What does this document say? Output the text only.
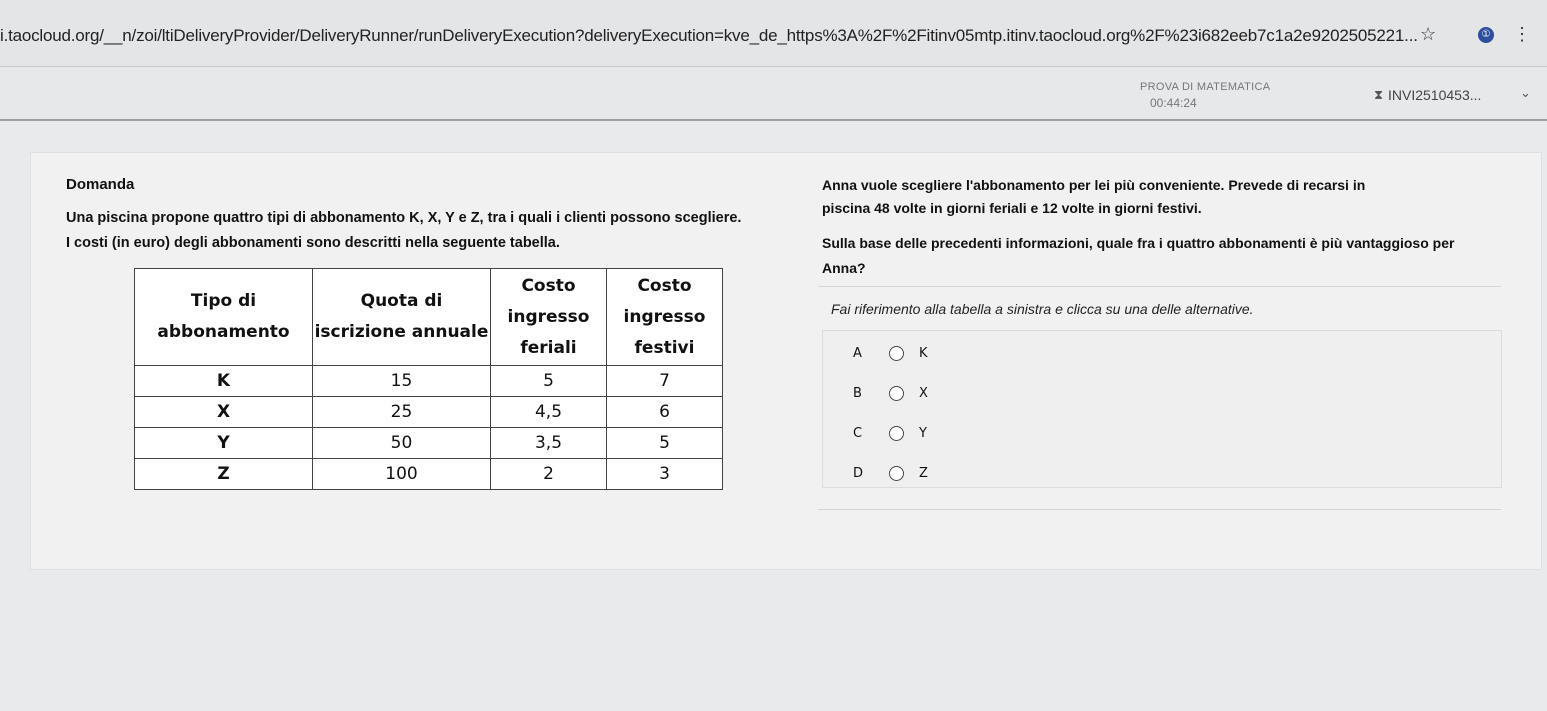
i.taocloud.org/__n/zoi/ltiDeliveryProvider/DeliveryRunner/runDeliveryExecution?deliveryExecution=kve_de_https%3A%2F%2Fitinv05mtp.itinv.taocloud.org%2F%23i682eeb7c1a2e9202505221... ☆	① ⋮
PROVA DI MATEMATICA
00:44:24
⧗ INVI2510453...	⌄
Domanda
Una piscina propone quattro tipi di abbonamento K, X, Y e Z, tra i quali i clienti possono scegliere.
I costi (in euro) degli abbonamenti sono descritti nella seguente tabella.
Tipo di abbonamento	Quota di iscrizione annuale	Costo ingresso feriali	Costo ingresso festivi
K	15	5	7
X	25	4,5	6
Y	50	3,5	5
Z	100	2	3
Anna vuole scegliere l'abbonamento per lei più conveniente. Prevede di recarsi in
piscina 48 volte in giorni feriali e 12 volte in giorni festivi.
Sulla base delle precedenti informazioni, quale fra i quattro abbonamenti è più vantaggioso per
Anna?
Fai riferimento alla tabella a sinistra e clicca su una delle alternative.
A	K
B	X
C	Y
D	Z
